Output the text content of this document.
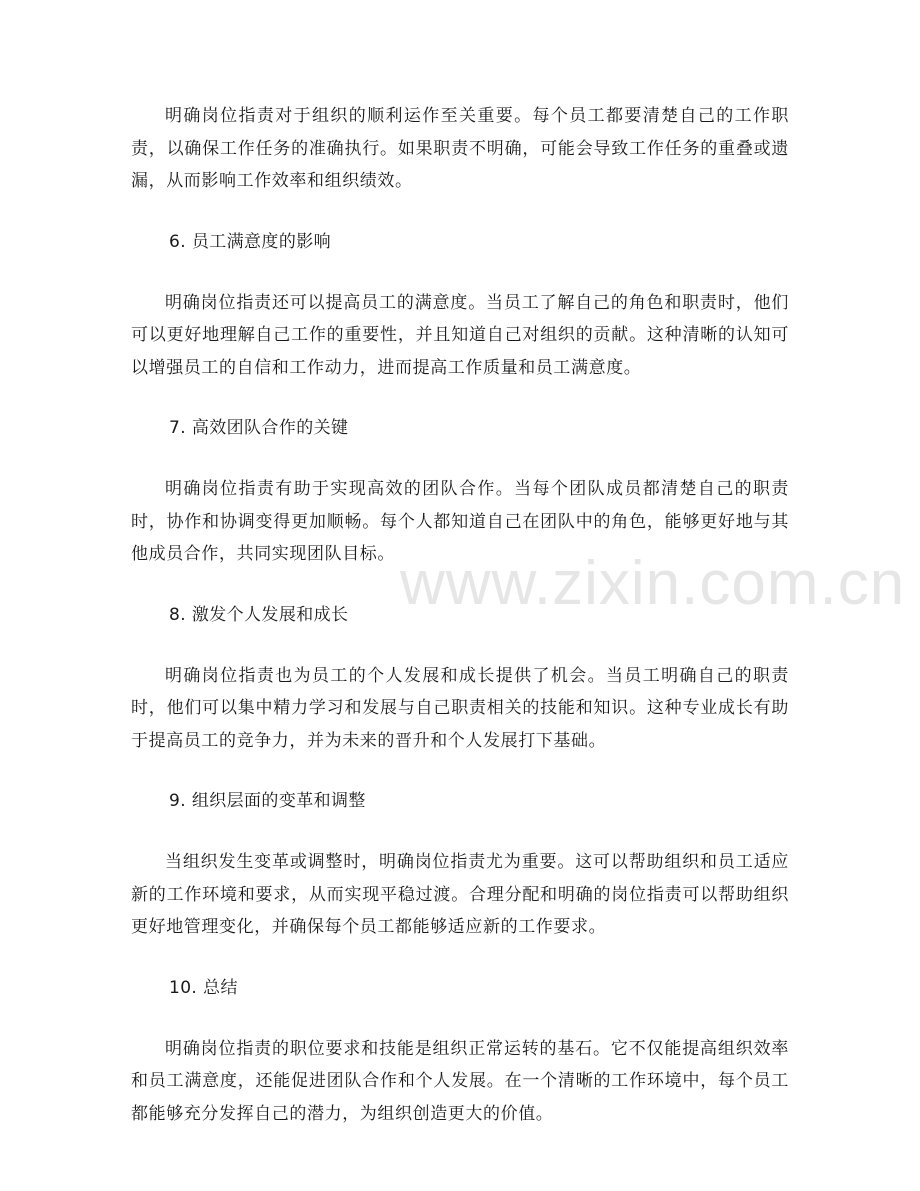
明确岗位指责对于组织的顺利运作至关重要。每个员工都要清楚自己的工作职责，以确保工作任务的准确执行。如果职责不明确，可能会导致工作任务的重叠或遗漏，从而影响工作效率和组织绩效。

6. 员工满意度的影响

明确岗位指责还可以提高员工的满意度。当员工了解自己的角色和职责时，他们可以更好地理解自己工作的重要性，并且知道自己对组织的贡献。这种清晰的认知可以增强员工的自信和工作动力，进而提高工作质量和员工满意度。

7. 高效团队合作的关键

明确岗位指责有助于实现高效的团队合作。当每个团队成员都清楚自己的职责时，协作和协调变得更加顺畅。每个人都知道自己在团队中的角色，能够更好地与其他成员合作，共同实现团队目标。

8. 激发个人发展和成长

明确岗位指责也为员工的个人发展和成长提供了机会。当员工明确自己的职责时，他们可以集中精力学习和发展与自己职责相关的技能和知识。这种专业成长有助于提高员工的竞争力，并为未来的晋升和个人发展打下基础。

9. 组织层面的变革和调整

当组织发生变革或调整时，明确岗位指责尤为重要。这可以帮助组织和员工适应新的工作环境和要求，从而实现平稳过渡。合理分配和明确的岗位指责可以帮助组织更好地管理变化，并确保每个员工都能够适应新的工作要求。

10. 总结

明确岗位指责的职位要求和技能是组织正常运转的基石。它不仅能提高组织效率和员工满意度，还能促进团队合作和个人发展。在一个清晰的工作环境中，每个员工都能够充分发挥自己的潜力，为组织创造更大的价值。

www.zixin.com.cn
